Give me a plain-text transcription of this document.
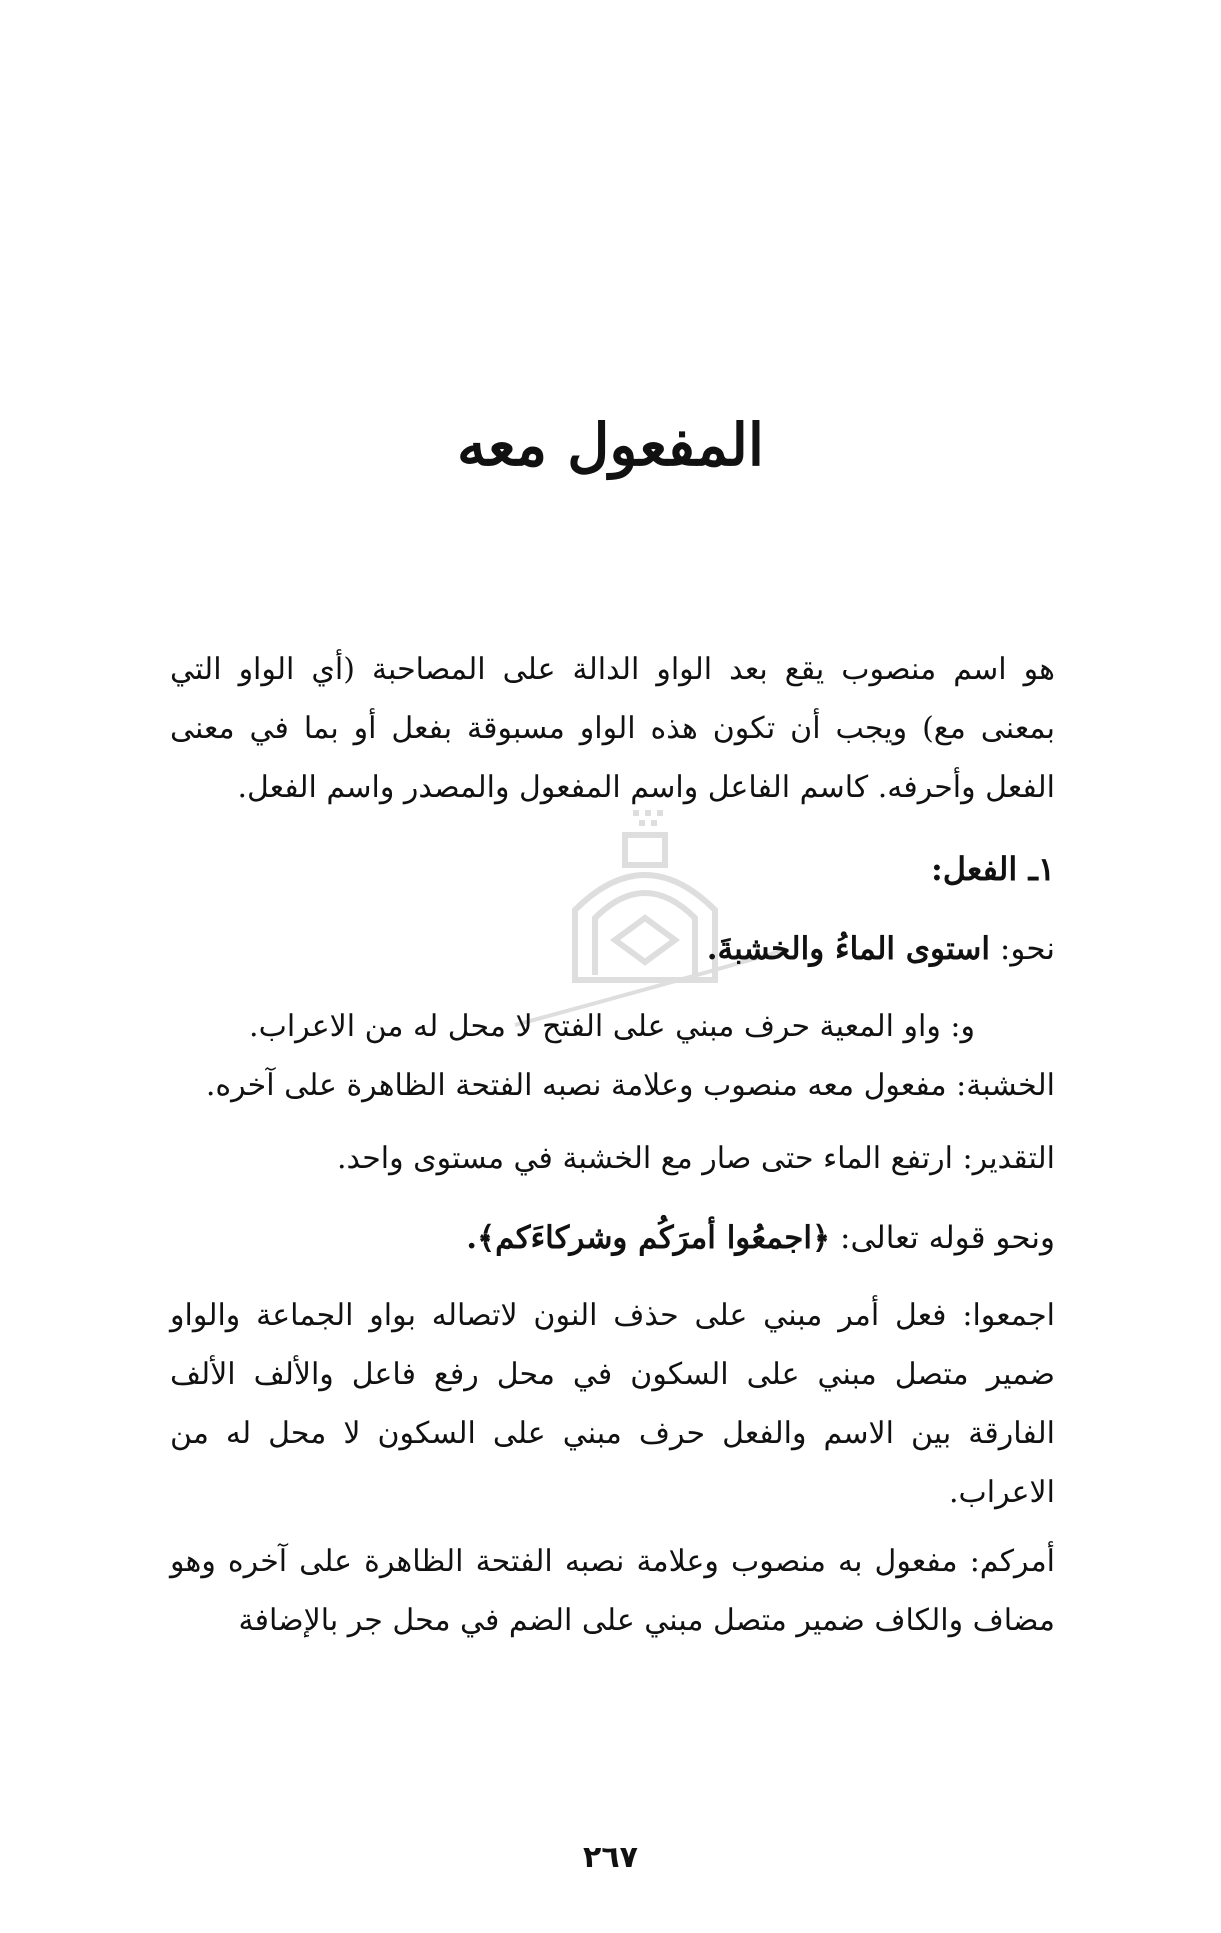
المفعول معه

هو اسم منصوب يقع بعد الواو الدالة على المصاحبة (أي الواو التي بمعنى مع) ويجب أن تكون هذه الواو مسبوقة بفعل أو بما في معنى الفعل وأحرفه. كاسم الفاعل واسم المفعول والمصدر واسم الفعل.

١ـ الفعل:
نحو: استوى الماءُ والخشبةَ.

و: واو المعية حرف مبني على الفتح لا محل له من الاعراب.

الخشبة: مفعول معه منصوب وعلامة نصبه الفتحة الظاهرة على آخره.

التقدير: ارتفع الماء حتى صار مع الخشبة في مستوى واحد.

ونحو قوله تعالى: ﴿اجمعُوا أمرَكُم وشركاءَكم﴾.

اجمعوا: فعل أمر مبني على حذف النون لاتصاله بواو الجماعة والواو ضمير متصل مبني على السكون في محل رفع فاعل والألف الألف الفارقة بين الاسم والفعل حرف مبني على السكون لا محل له من الاعراب.

أمركم: مفعول به منصوب وعلامة نصبه الفتحة الظاهرة على آخره وهو مضاف والكاف ضمير متصل مبني على الضم في محل جر بالإضافة

٢٦٧
